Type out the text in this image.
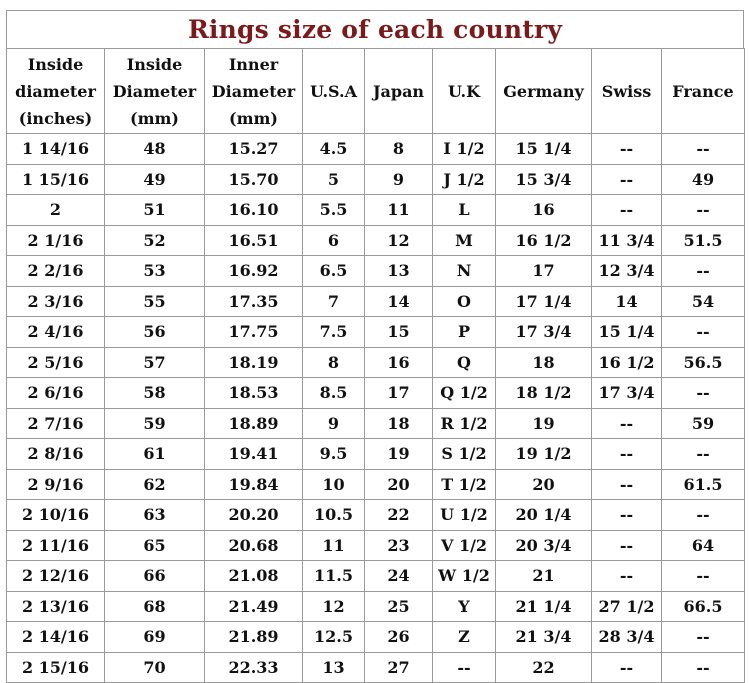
Rings size of each country
Inside diameter (inches)	Inside Diameter (mm)	Inner Diameter (mm)	U.S.A	Japan	U.K	Germany	Swiss	France
1 14/16	48	15.27	4.5	8	I 1/2	15 1/4	--	--
1 15/16	49	15.70	5	9	J 1/2	15 3/4	--	49
2	51	16.10	5.5	11	L	16	--	--
2 1/16	52	16.51	6	12	M	16 1/2	11 3/4	51.5
2 2/16	53	16.92	6.5	13	N	17	12 3/4	--
2 3/16	55	17.35	7	14	O	17 1/4	14	54
2 4/16	56	17.75	7.5	15	P	17 3/4	15 1/4	--
2 5/16	57	18.19	8	16	Q	18	16 1/2	56.5
2 6/16	58	18.53	8.5	17	Q 1/2	18 1/2	17 3/4	--
2 7/16	59	18.89	9	18	R 1/2	19	--	59
2 8/16	61	19.41	9.5	19	S 1/2	19 1/2	--	--
2 9/16	62	19.84	10	20	T 1/2	20	--	61.5
2 10/16	63	20.20	10.5	22	U 1/2	20 1/4	--	--
2 11/16	65	20.68	11	23	V 1/2	20 3/4	--	64
2 12/16	66	21.08	11.5	24	W 1/2	21	--	--
2 13/16	68	21.49	12	25	Y	21 1/4	27 1/2	66.5
2 14/16	69	21.89	12.5	26	Z	21 3/4	28 3/4	--
2 15/16	70	22.33	13	27	--	22	--	--
